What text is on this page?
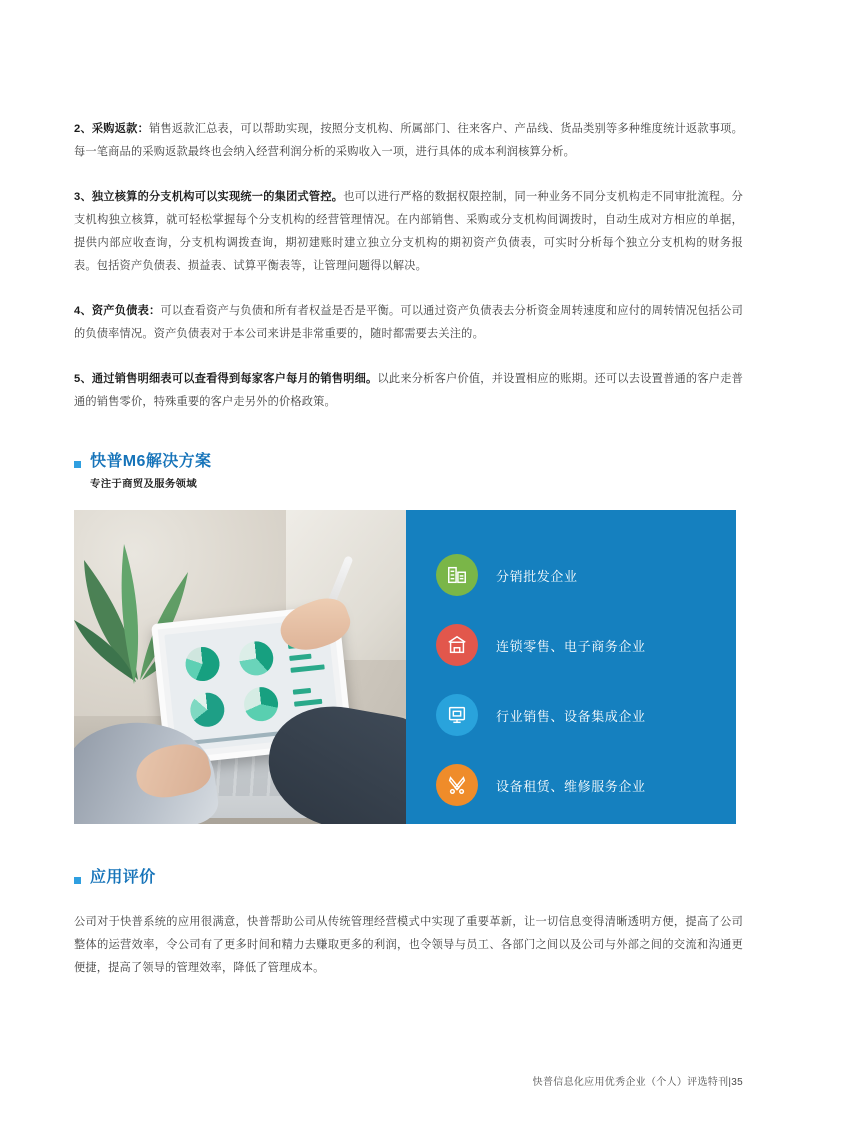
2、采购返款：销售返款汇总表，可以帮助实现，按照分支机构、所属部门、往来客户、产品线、货品类别等多种维度统计返款事项。每一笔商品的采购返款最终也会纳入经营利润分析的采购收入一项，进行具体的成本利润核算分析。

3、独立核算的分支机构可以实现统一的集团式管控。也可以进行严格的数据权限控制，同一种业务不同分支机构走不同审批流程。分支机构独立核算，就可轻松掌握每个分支机构的经营管理情况。在内部销售、采购或分支机构间调拨时，自动生成对方相应的单据，提供内部应收查询，分支机构调拨查询，期初建账时建立独立分支机构的期初资产负债表，可实时分析每个独立分支机构的财务报表。包括资产负债表、损益表、试算平衡表等，让管理问题得以解决。

4、资产负债表：可以查看资产与负债和所有者权益是否是平衡。可以通过资产负债表去分析资金周转速度和应付的周转情况包括公司的负债率情况。资产负债表对于本公司来讲是非常重要的，随时都需要去关注的。

5、通过销售明细表可以查看得到每家客户每月的销售明细。以此来分析客户价值，并设置相应的账期。还可以去设置普通的客户走普通的销售零价，特殊重要的客户走另外的价格政策。

快普M6解决方案
专注于商贸及服务领域
分销批发企业
连锁零售、电子商务企业
行业销售、设备集成企业
设备租赁、维修服务企业
应用评价

公司对于快普系统的应用很满意，快普帮助公司从传统管理经营模式中实现了重要革新，让一切信息变得清晰透明方便，提高了公司整体的运营效率，令公司有了更多时间和精力去赚取更多的利润，也令领导与员工、各部门之间以及公司与外部之间的交流和沟通更便捷，提高了领导的管理效率，降低了管理成本。

快普信息化应用优秀企业（个人）评选特刊|35
